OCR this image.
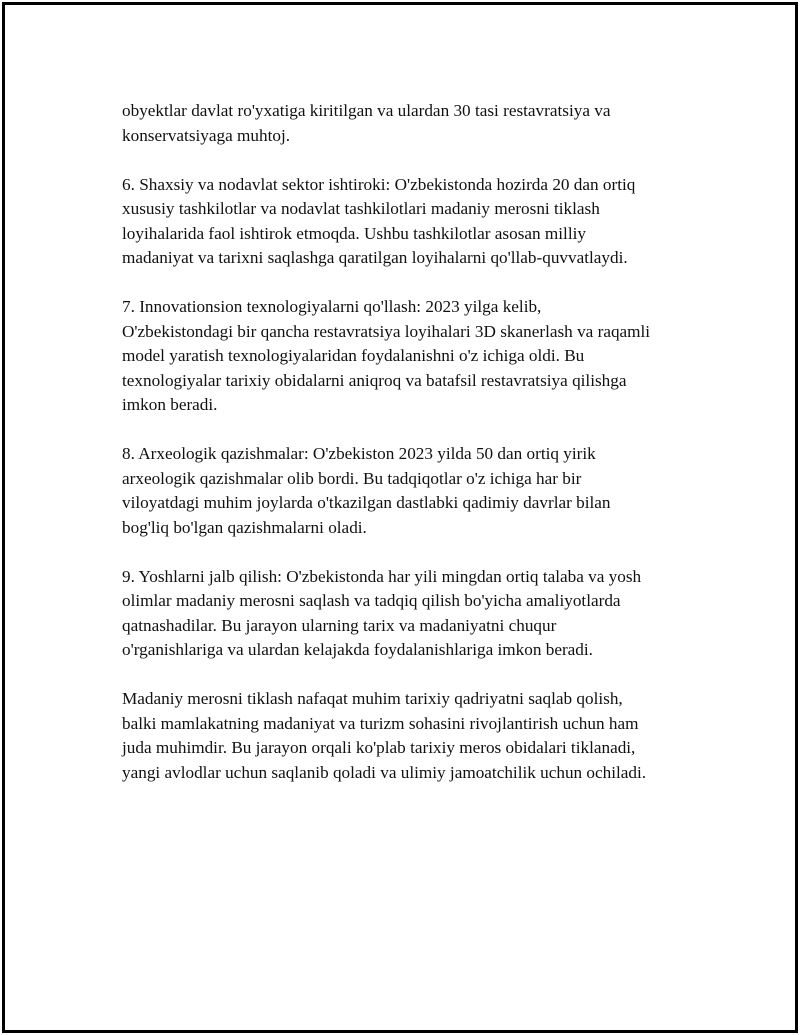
obyektlar davlat ro'yxatiga kiritilgan va ulardan 30 tasi restavratsiya va
konservatsiyaga muhtoj.

6. Shaxsiy va nodavlat sektor ishtiroki: O'zbekistonda hozirda 20 dan ortiq
xususiy tashkilotlar va nodavlat tashkilotlari madaniy merosni tiklash
loyihalarida faol ishtirok etmoqda. Ushbu tashkilotlar asosan milliy
madaniyat va tarixni saqlashga qaratilgan loyihalarni qo'llab-quvvatlaydi.

7. Innovationsion texnologiyalarni qo'llash: 2023 yilga kelib,
O'zbekistondagi bir qancha restavratsiya loyihalari 3D skanerlash va raqamli
model yaratish texnologiyalaridan foydalanishni o'z ichiga oldi. Bu
texnologiyalar tarixiy obidalarni aniqroq va batafsil restavratsiya qilishga
imkon beradi.

8. Arxeologik qazishmalar: O'zbekiston 2023 yilda 50 dan ortiq yirik
arxeologik qazishmalar olib bordi. Bu tadqiqotlar o'z ichiga har bir
viloyatdagi muhim joylarda o'tkazilgan dastlabki qadimiy davrlar bilan
bog'liq bo'lgan qazishmalarni oladi.

9. Yoshlarni jalb qilish: O'zbekistonda har yili mingdan ortiq talaba va yosh
olimlar madaniy merosni saqlash va tadqiq qilish bo'yicha amaliyotlarda
qatnashadilar. Bu jarayon ularning tarix va madaniyatni chuqur
o'rganishlariga va ulardan kelajakda foydalanishlariga imkon beradi.

Madaniy merosni tiklash nafaqat muhim tarixiy qadriyatni saqlab qolish,
balki mamlakatning madaniyat va turizm sohasini rivojlantirish uchun ham
juda muhimdir. Bu jarayon orqali ko'plab tarixiy meros obidalari tiklanadi,
yangi avlodlar uchun saqlanib qoladi va ulimiy jamoatchilik uchun ochiladi.
